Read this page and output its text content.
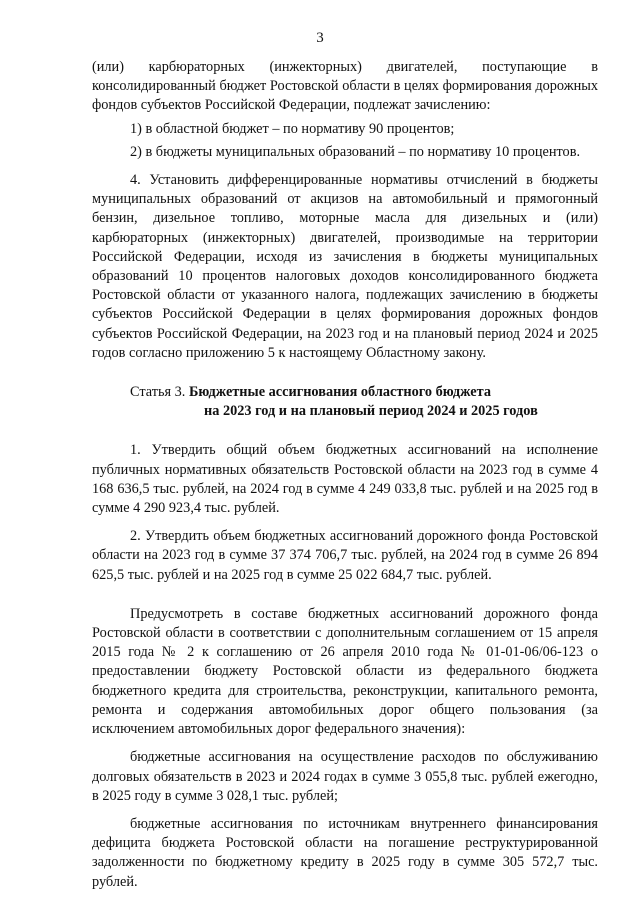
3

(или) карбюраторных (инжекторных) двигателей, поступающие в консолидированный бюджет Ростовской области в целях формирования дорожных фондов субъектов Российской Федерации, подлежат зачислению:

1) в областной бюджет – по нормативу 90 процентов;

2) в бюджеты муниципальных образований – по нормативу 10 процентов.

4. Установить дифференцированные нормативы отчислений в бюджеты муниципальных образований от акцизов на автомобильный и прямогонный бензин, дизельное топливо, моторные масла для дизельных и (или) карбюраторных (инжекторных) двигателей, производимые на территории Российской Федерации, исходя из зачисления в бюджеты муниципальных образований 10 процентов налоговых доходов консолидированного бюджета Ростовской области от указанного налога, подлежащих зачислению в бюджеты субъектов Российской Федерации в целях формирования дорожных фондов субъектов Российской Федерации, на 2023 год и на плановый период 2024 и 2025 годов согласно приложению 5 к настоящему Областному закону.

Статья 3. Бюджетные ассигнования областного бюджета
на 2023 год и на плановый период 2024 и 2025 годов

1. Утвердить общий объем бюджетных ассигнований на исполнение публичных нормативных обязательств Ростовской области на 2023 год в сумме 4 168 636,5 тыс. рублей, на 2024 год в сумме 4 249 033,8 тыс. рублей и на 2025 год в сумме 4 290 923,4 тыс. рублей.

2. Утвердить объем бюджетных ассигнований дорожного фонда Ростовской области на 2023 год в сумме 37 374 706,7 тыс. рублей, на 2024 год в сумме 26 894 625,5 тыс. рублей и на 2025 год в сумме 25 022 684,7 тыс. рублей.

Предусмотреть в составе бюджетных ассигнований дорожного фонда Ростовской области в соответствии с дополнительным соглашением от 15 апреля 2015 года № 2 к соглашению от 26 апреля 2010 года № 01-01-06/06-123 о предоставлении бюджету Ростовской области из федерального бюджета бюджетного кредита для строительства, реконструкции, капитального ремонта, ремонта и содержания автомобильных дорог общего пользования (за исключением автомобильных дорог федерального значения):

бюджетные ассигнования на осуществление расходов по обслуживанию долговых обязательств в 2023 и 2024 годах в сумме 3 055,8 тыс. рублей ежегодно, в 2025 году в сумме 3 028,1 тыс. рублей;

бюджетные ассигнования по источникам внутреннего финансирования дефицита бюджета Ростовской области на погашение реструктурированной задолженности по бюджетному кредиту в 2025 году в сумме 305 572,7 тыс. рублей.
